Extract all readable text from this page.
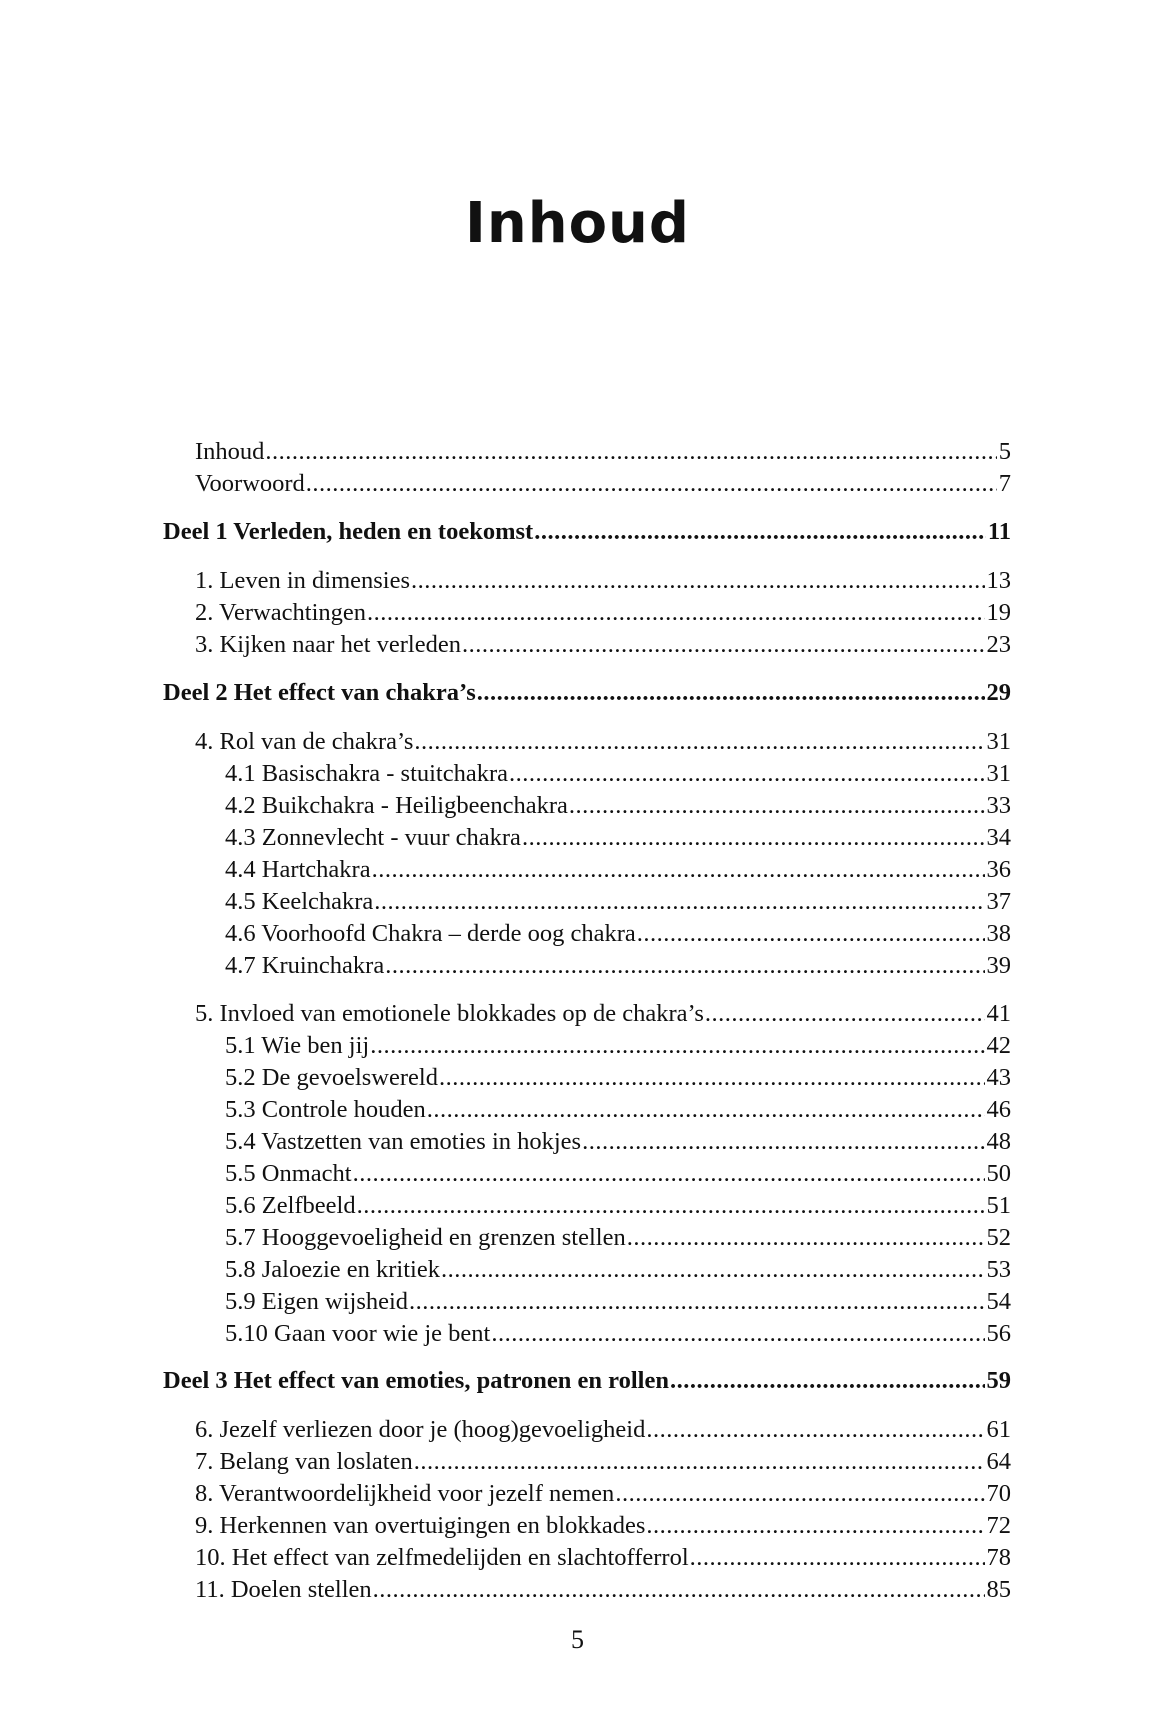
Inhoud
Inhoud .....	5
Voorwoord .....	7
Deel 1 Verleden, heden en toekomst .....	11
1. Leven in dimensies .....	13
2. Verwachtingen .....	19
3. Kijken naar het verleden .....	23
Deel 2 Het effect van chakra’s .....	29
4. Rol van de chakra’s .....	31
4.1 Basischakra - stuitchakra .....	31
4.2 Buikchakra - Heiligbeenchakra .....	33
4.3 Zonnevlecht - vuur chakra .....	34
4.4 Hartchakra .....	36
4.5 Keelchakra .....	37
4.6 Voorhoofd Chakra – derde oog chakra .....	38
4.7 Kruinchakra .....	39
5. Invloed van emotionele blokkades op de chakra’s .....	41
5.1 Wie ben jij .....	42
5.2 De gevoelswereld .....	43
5.3 Controle houden .....	46
5.4 Vastzetten van emoties in hokjes .....	48
5.5 Onmacht .....	50
5.6 Zelfbeeld .....	51
5.7 Hooggevoeligheid en grenzen stellen .....	52
5.8 Jaloezie en kritiek .....	53
5.9 Eigen wijsheid .....	54
5.10 Gaan voor wie je bent .....	56
Deel 3 Het effect van emoties, patronen en rollen .....	59
6. Jezelf verliezen door je (hoog)gevoeligheid .....	61
7. Belang van loslaten .....	64
8. Verantwoordelijkheid voor jezelf nemen .....	70
9. Herkennen van overtuigingen en blokkades .....	72
10. Het effect van zelfmedelijden en slachtofferrol .....	78
11. Doelen stellen .....	85
5
